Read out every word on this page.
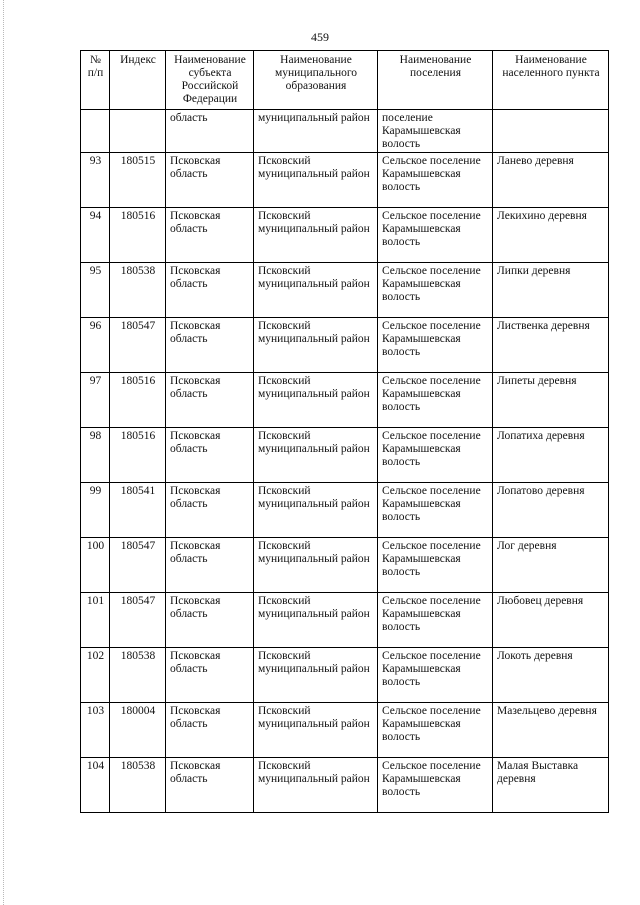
459
№ п/п	Индекс	Наименование субъекта Российской Федерации	Наименование муниципального образования	Наименование поселения	Наименование населенного пункта
		область	муниципальный район	поселение Карамышевская волость	
93	180515	Псковская область	Псковский муниципальный район	Сельское поселение Карамышевская волость	Ланево деревня
94	180516	Псковская область	Псковский муниципальный район	Сельское поселение Карамышевская волость	Лекихино деревня
95	180538	Псковская область	Псковский муниципальный район	Сельское поселение Карамышевская волость	Липки деревня
96	180547	Псковская область	Псковский муниципальный район	Сельское поселение Карамышевская волость	Лиственка деревня
97	180516	Псковская область	Псковский муниципальный район	Сельское поселение Карамышевская волость	Липеты деревня
98	180516	Псковская область	Псковский муниципальный район	Сельское поселение Карамышевская волость	Лопатиха деревня
99	180541	Псковская область	Псковский муниципальный район	Сельское поселение Карамышевская волость	Лопатово деревня
100	180547	Псковская область	Псковский муниципальный район	Сельское поселение Карамышевская волость	Лог деревня
101	180547	Псковская область	Псковский муниципальный район	Сельское поселение Карамышевская волость	Любовец деревня
102	180538	Псковская область	Псковский муниципальный район	Сельское поселение Карамышевская волость	Локоть деревня
103	180004	Псковская область	Псковский муниципальный район	Сельское поселение Карамышевская волость	Мазельцево деревня
104	180538	Псковская область	Псковский муниципальный район	Сельское поселение Карамышевская волость	Малая Выставка деревня
